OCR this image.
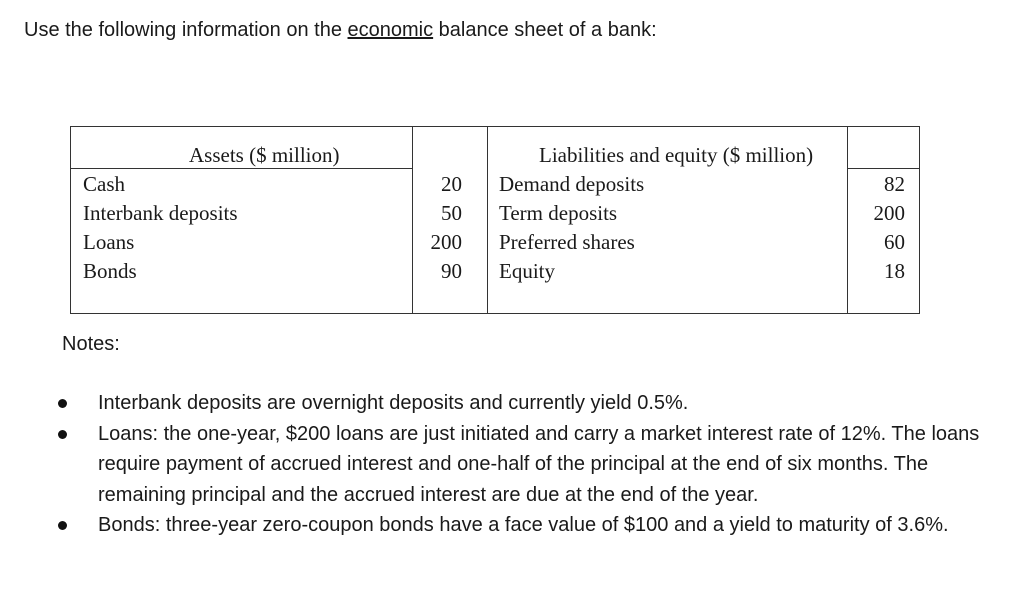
Use the following information on the economic balance sheet of a bank:
Assets ($ million)	Liabilities and equity ($ million)
Cash
Interbank deposits
Loans
Bonds
20
50
200
90
Demand deposits
Term deposits
Preferred shares
Equity
82
200
60
18
Notes:
Interbank deposits are overnight deposits and currently yield 0.5%.
Loans: the one-year, $200 loans are just initiated and carry a market interest rate of 12%. The loans require payment of accrued interest and one-half of the principal at the end of six months. The remaining principal and the accrued interest are due at the end of the year.
Bonds: three-year zero-coupon bonds have a face value of $100 and a yield to maturity of 3.6%.
